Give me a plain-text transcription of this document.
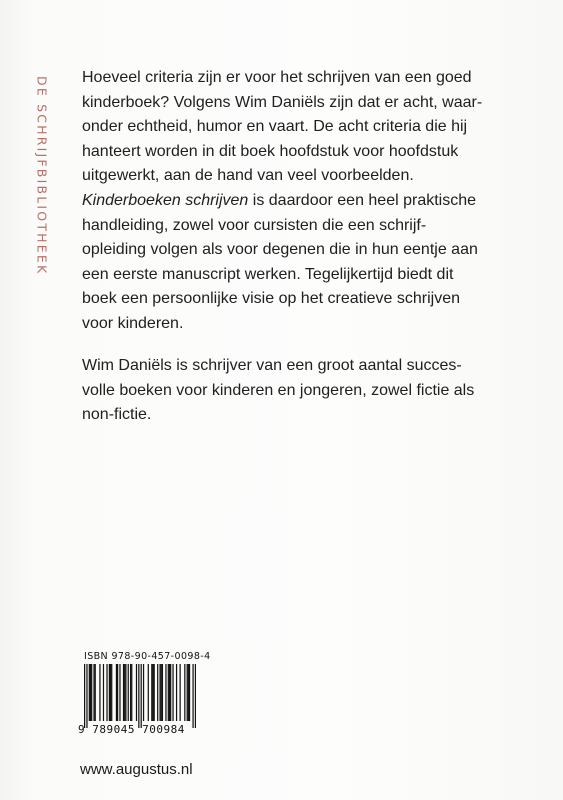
DE SCHRIJFBIBLIOTHEEK Hoeveel criteria zijn er voor het schrijven van een goed
kinderboek? Volgens Wim Daniëls zijn dat er acht, waar-
onder echtheid, humor en vaart. De acht criteria die hij
hanteert worden in dit boek hoofdstuk voor hoofdstuk
uitgewerkt, aan de hand van veel voorbeelden.
Kinderboeken schrijven is daardoor een heel praktische
handleiding, zowel voor cursisten die een schrijf-
opleiding volgen als voor degenen die in hun eentje aan
een eerste manuscript werken. Tegelijkertijd biedt dit
boek een persoonlijke visie op het creatieve schrijven
voor kinderen.
Wim Daniëls is schrijver van een groot aantal succes-
volle boeken voor kinderen en jongeren, zowel fictie als
non-fictie.
ISBN 978-90-457-0098-4
9 789045 700984
www.augustus.nl
